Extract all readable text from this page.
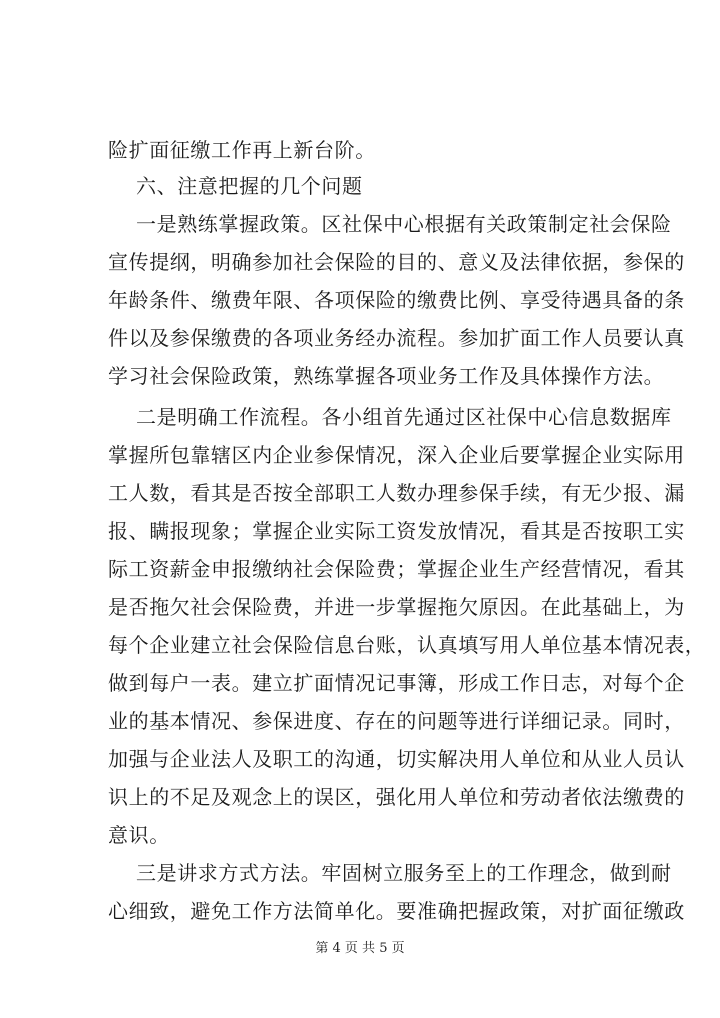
险扩面征缴工作再上新台阶。
六、注意把握的几个问题
一是熟练掌握政策。区社保中心根据有关政策制定社会保险
宣传提纲，明确参加社会保险的目的、意义及法律依据，参保的
年龄条件、缴费年限、各项保险的缴费比例、享受待遇具备的条
件以及参保缴费的各项业务经办流程。参加扩面工作人员要认真
学习社会保险政策，熟练掌握各项业务工作及具体操作方法。
二是明确工作流程。各小组首先通过区社保中心信息数据库
掌握所包靠辖区内企业参保情况，深入企业后要掌握企业实际用
工人数，看其是否按全部职工人数办理参保手续，有无少报、漏
报、瞒报现象；掌握企业实际工资发放情况，看其是否按职工实
际工资薪金申报缴纳社会保险费；掌握企业生产经营情况，看其
是否拖欠社会保险费，并进一步掌握拖欠原因。在此基础上，为
每个企业建立社会保险信息台账，认真填写用人单位基本情况表，
做到每户一表。建立扩面情况记事簿，形成工作日志，对每个企
业的基本情况、参保进度、存在的问题等进行详细记录。同时，
加强与企业法人及职工的沟通，切实解决用人单位和从业人员认
识上的不足及观念上的误区，强化用人单位和劳动者依法缴费的
意识。
三是讲求方式方法。牢固树立服务至上的工作理念，做到耐
心细致，避免工作方法简单化。要准确把握政策，对扩面征缴政
第 4 页 共 5 页
